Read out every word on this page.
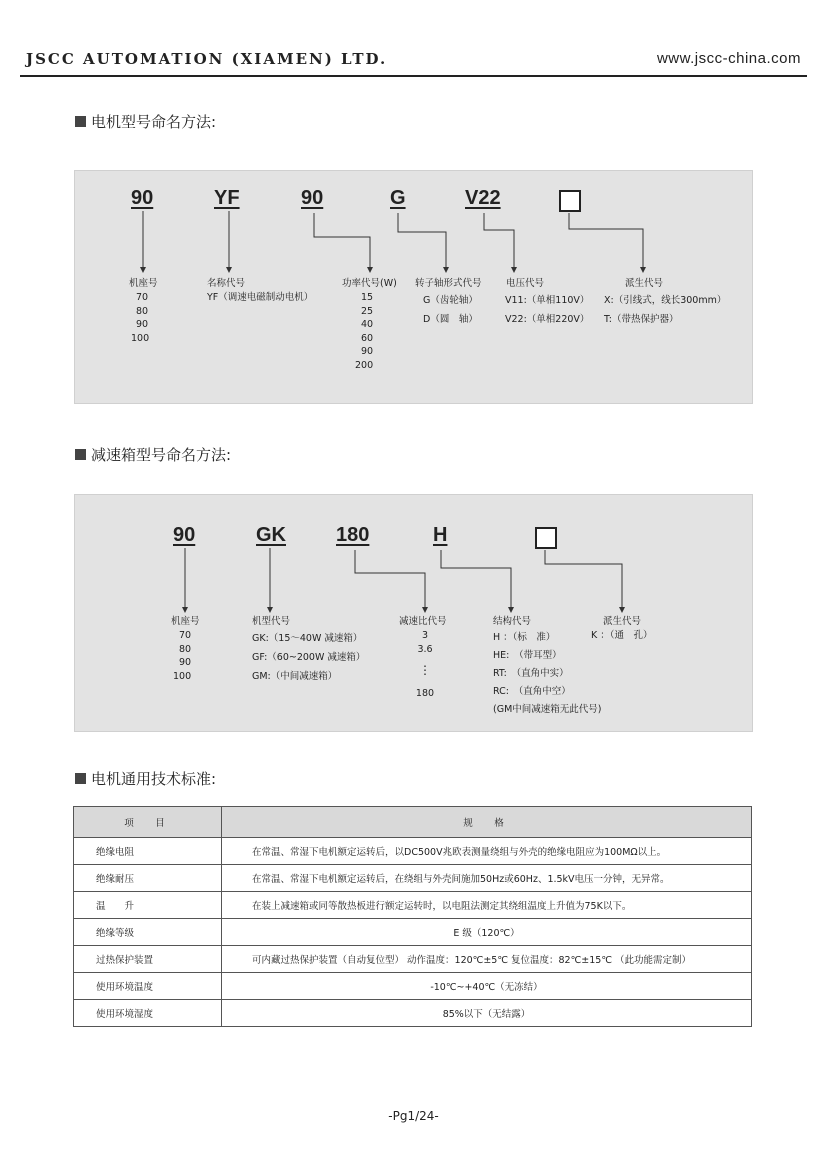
JSCC AUTOMATION (XIAMEN) LTD.	www.jscc-china.com
电机型号命名方法:
90	YF	90	G	V22
机座号	名称代号	功率代号(W) 转子轴形式代号	电压代号	派生代号
70
80
90
100
YF（调速电磁制动电机）	15
25
40
60
90
200
G（齿轮轴）
D（圆　轴）
V11:（单相110V）
V22:（单相220V）
X:（引线式，线长300mm）
T:（带热保护器）
减速箱型号命名方法:
90	GK	180	H
机座号	机型代号	减速比代号	结构代号	派生代号
70
80
90
100
GK:（15～40W 减速箱）
GF:（60~200W 减速箱）
GM:（中间减速箱）
3
3.6
⋮
180
H ：（标　准）
HE:　（带耳型）
RT:　（直角中实）
RC:　（直角中空）
(GM中间减速箱无此代号)
K ：（通　孔）
电机通用技术标准:
项　目	规　格
绝缘电阻	在常温、常湿下电机额定运转后，以DC500V兆欧表测量绕组与外壳的绝缘电阻应为100MΩ以上。
绝缘耐压	在常温、常湿下电机额定运转后，在绕组与外壳间施加50Hz或60Hz、1.5kV电压一分钟，无异常。
温　　升	在装上减速箱或同等散热板进行额定运转时，以电阻法测定其绕组温度上升值为75K以下。
绝缘等级	E 级（120℃）
过热保护装置	可内藏过热保护装置（自动复位型） 动作温度：120℃±5℃ 复位温度：82℃±15℃ （此功能需定制）
使用环境温度	-10℃~+40℃（无冻结）
使用环境湿度	85%以下（无结露）
-Pg1/24-
